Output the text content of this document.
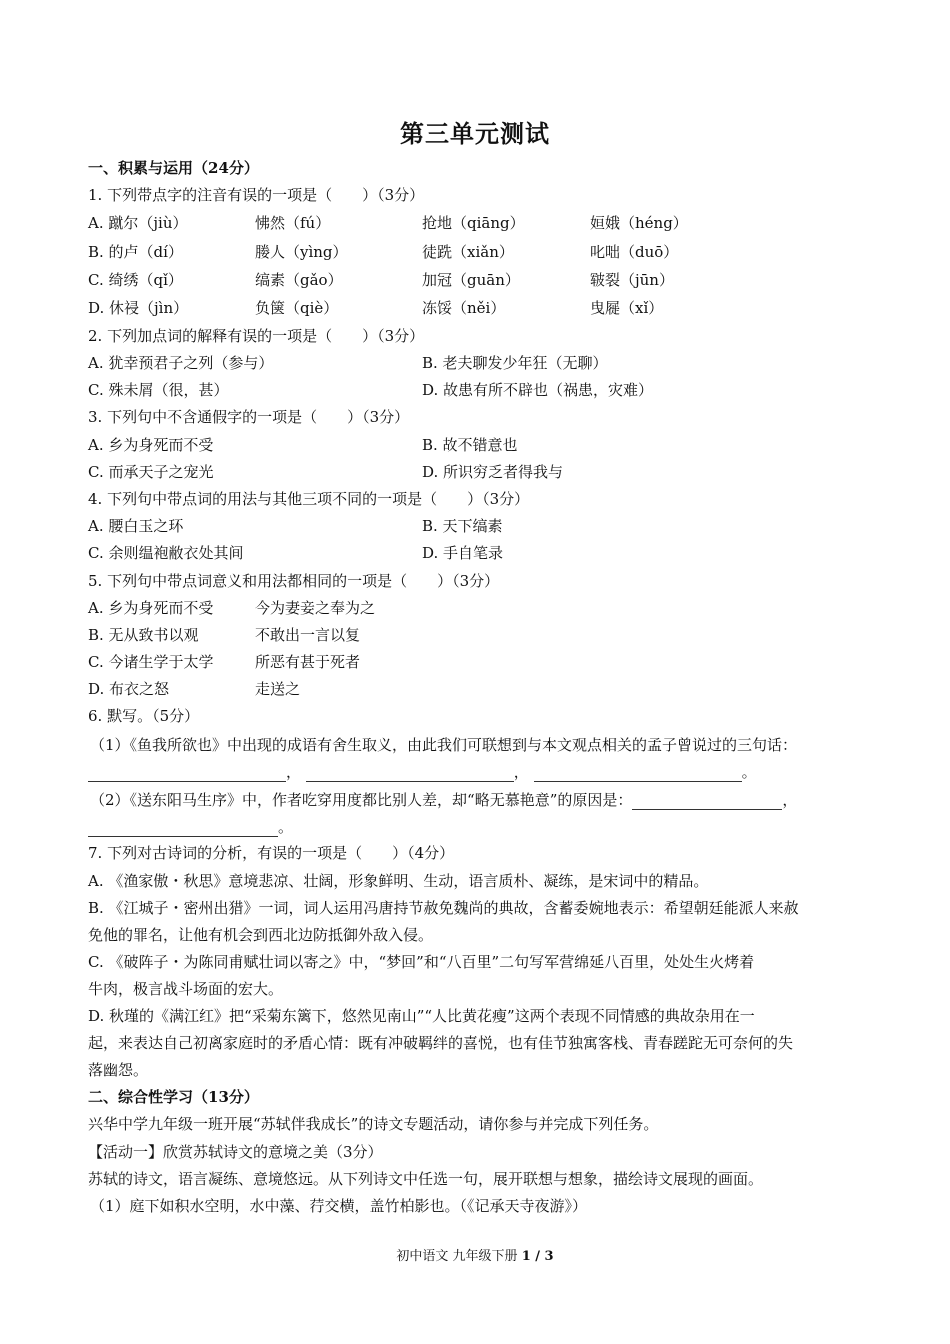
第三单元测试
一、积累与运用（24分）
1. 下列带点字的注音有误的一项是（　　）（3分）
A. 蹴尔（jiù）	怫然（fú）	抢地（qiāng）	姮娥（héng）
B. 的卢（dí）	媵人（yìng）	徒跣（xiǎn）	叱咄（duō）
C. 绮绣（qǐ）	缟素（gǎo）	加冠（guān）	皲裂（jūn）
D. 休祲（jìn）	负箧（qiè）	冻馁（něi）	曳屣（xǐ）
2. 下列加点词的解释有误的一项是（　　）（3分）
A. 犹幸预君子之列（参与）	B. 老夫聊发少年狂（无聊）
C. 殊未屑（很，甚）	D. 故患有所不辟也（祸患，灾难）
3. 下列句中不含通假字的一项是（　　）（3分）
A. 乡为身死而不受	B. 故不错意也
C. 而承天子之宠光	D. 所识穷乏者得我与
4. 下列句中带点词的用法与其他三项不同的一项是（　　）（3分）
A. 腰白玉之环	B. 天下缟素
C. 余则缊袍敝衣处其间	D. 手自笔录
5. 下列句中带点词意义和用法都相同的一项是（　　）（3分）
A. 乡为身死而不受	今为妻妾之奉为之
B. 无从致书以观	不敢出一言以复
C. 今诸生学于太学	所恶有甚于死者
D. 布衣之怒	走送之
6. 默写。（5分）
（1）《鱼我所欲也》中出现的成语有舍生取义，由此我们可联想到与本文观点相关的孟子曾说过的三句话：
，	，	。
（2）《送东阳马生序》中，作者吃穿用度都比别人差，却“略无慕艳意”的原因是：	，
。
7. 下列对古诗词的分析，有误的一项是（　　）（4分）
A. 《渔家傲・秋思》意境悲凉、壮阔，形象鲜明、生动，语言质朴、凝练，是宋词中的精品。
B. 《江城子・密州出猎》一词，词人运用冯唐持节赦免魏尚的典故，含蓄委婉地表示：希望朝廷能派人来赦
免他的罪名，让他有机会到西北边防抵御外敌入侵。
C. 《破阵子・为陈同甫赋壮词以寄之》中，“梦回”和“八百里”二句写军营绵延八百里，处处生火烤着
牛肉，极言战斗场面的宏大。
D. 秋瑾的《满江红》把“采菊东篱下，悠然见南山”“人比黄花瘦”这两个表现不同情感的典故杂用在一
起，来表达自己初离家庭时的矛盾心情：既有冲破羁绊的喜悦，也有佳节独寓客栈、青春蹉跎无可奈何的失
落幽怨。
二、综合性学习（13分）
兴华中学九年级一班开展“苏轼伴我成长”的诗文专题活动，请你参与并完成下列任务。
【活动一】欣赏苏轼诗文的意境之美（3分）
苏轼的诗文，语言凝练、意境悠远。从下列诗文中任选一句，展开联想与想象，描绘诗文展现的画面。
（1）庭下如积水空明，水中藻、荇交横，盖竹柏影也。（《记承天寺夜游》）
初中语文 九年级下册 1 / 3
